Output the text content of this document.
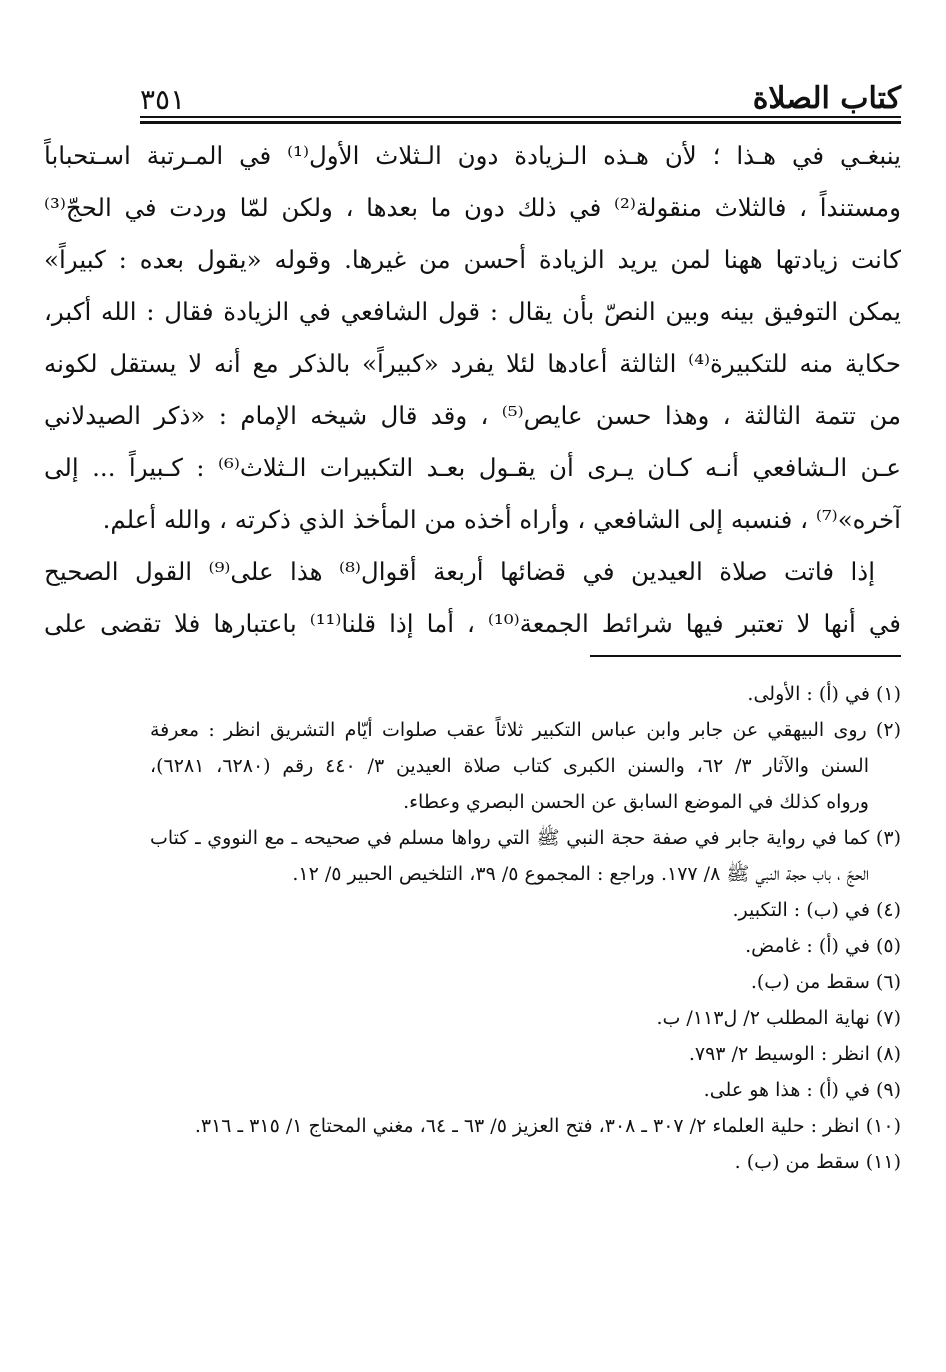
كتاب الصلاة
٣٥١
ينبغـي في هـذا ؛ لأن هـذه الـزيادة دون الـثلاث الأول⁽¹⁾ في المـرتبة اسـتحباباً
ومستنداً ، فالثلاث منقولة⁽²⁾ في ذلك دون ما بعدها ، ولكن لمّا وردت في الحجّ⁽³⁾
كانت زيادتها ههنا لمن يريد الزيادة أحسن من غيرها. وقوله «يقول بعده : كبيراً»
يمكن التوفيق بينه وبين النصّ بأن يقال : قول الشافعي في الزيادة فقال : الله أكبر،
حكاية منه للتكبيرة⁽⁴⁾ الثالثة أعادها لئلا يفرد «كبيراً» بالذكر مع أنه لا يستقل لكونه
من تتمة الثالثة ، وهذا حسن عايص⁽⁵⁾ ، وقد قال شيخه الإمام : «ذكر الصيدلاني
عـن الـشافعي أنـه كـان يـرى أن يقـول بعـد التكبيرات الـثلاث⁽⁶⁾ : كـبيراً ... إلى
آخره»⁽⁷⁾ ، فنسبه إلى الشافعي ، وأراه أخذه من المأخذ الذي ذكرته ، والله أعلم.
إذا فاتت صلاة العيدين في قضائها أربعة أقوال⁽⁸⁾ هذا على⁽⁹⁾ القول الصحيح
في أنها لا تعتبر فيها شرائط الجمعة⁽¹⁰⁾ ، أما إذا قلنا⁽¹¹⁾ باعتبارها فلا تقضى على
(١) في (أ) : الأولى.
(٢) روى البيهقي عن جابر وابن عباس التكبير ثلاثاً عقب صلوات أيّام التشريق انظر : معرفة
السنن والآثار ٣/ ٦٢، والسنن الكبرى كتاب صلاة العيدين ٣/ ٤٤٠ رقم (٦٢٨٠، ٦٢٨١)،
ورواه كذلك في الموضع السابق عن الحسن البصري وعطاء.
(٣) كما في رواية جابر في صفة حجة النبي ﷺ التي رواها مسلم في صحيحه ـ مع النووي ـ كتاب
الحجّ ، باب حجة النبي ﷺ ٨/ ١٧٧. وراجع : المجموع ٥/ ٣٩، التلخيص الحبير ٥/ ١٢.
(٤) في (ب) : التكبير.
(٥) في (أ) : غامض.
(٦) سقط من (ب).
(٧) نهاية المطلب ٢/ ل١١٣/ ب.
(٨) انظر : الوسيط ٢/ ٧٩٣.
(٩) في (أ) : هذا هو على.
(١٠) انظر : حلية العلماء ٢/ ٣٠٧ ـ ٣٠٨، فتح العزيز ٥/ ٦٣ ـ ٦٤، مغني المحتاج ١/ ٣١٥ ـ ٣١٦.
(١١) سقط من (ب) .
